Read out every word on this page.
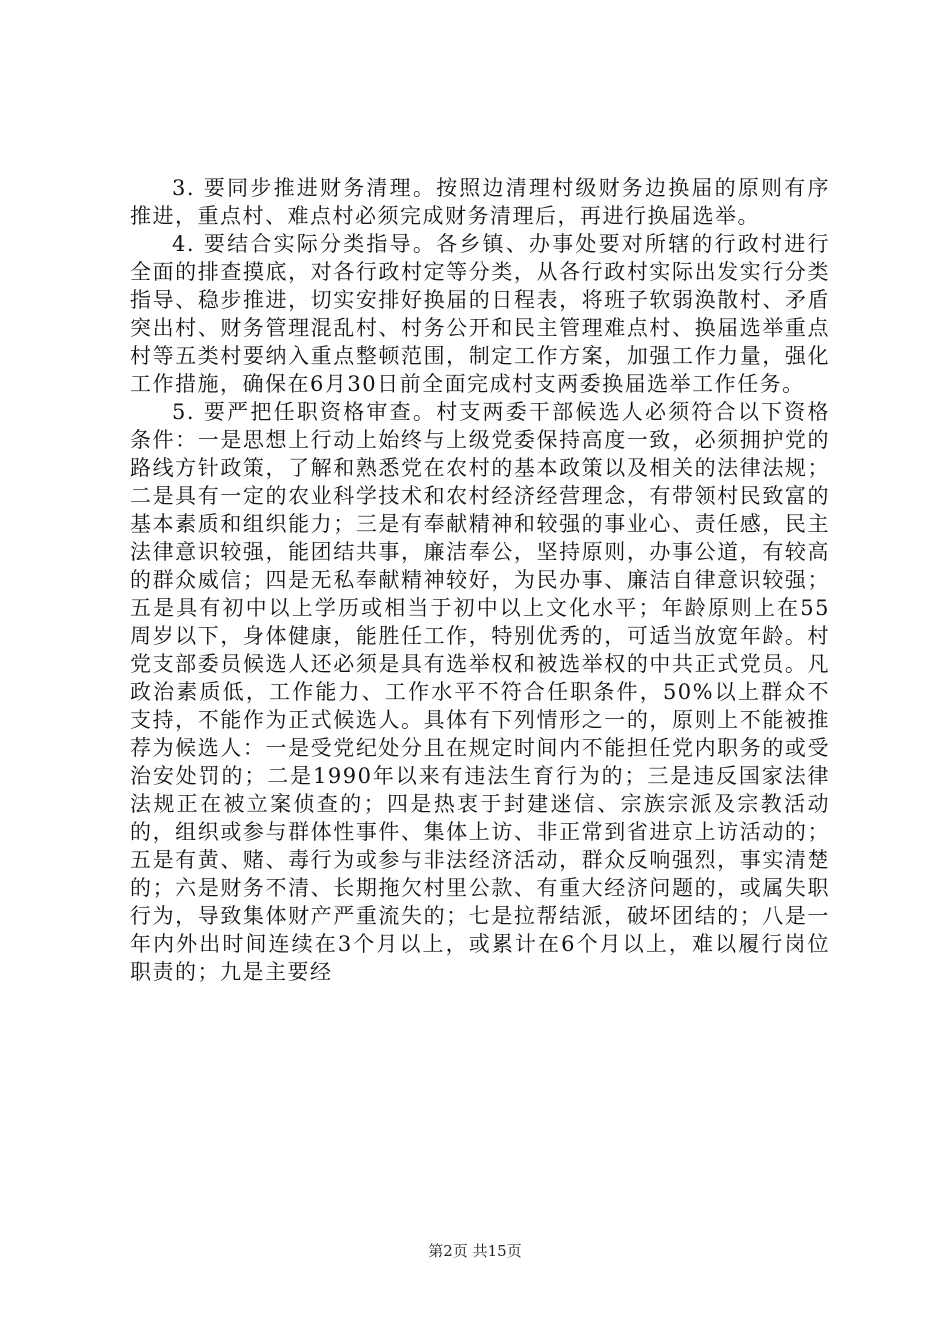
3. 要同步推进财务清理。按照边清理村级财务边换届的原则有序推进，重点村、难点村必须完成财务清理后，再进行换届选举。

4. 要结合实际分类指导。各乡镇、办事处要对所辖的行政村进行全面的排查摸底，对各行政村定等分类，从各行政村实际出发实行分类指导、稳步推进，切实安排好换届的日程表，将班子软弱涣散村、矛盾突出村、财务管理混乱村、村务公开和民主管理难点村、换届选举重点村等五类村要纳入重点整顿范围，制定工作方案，加强工作力量，强化工作措施，确保在6月30日前全面完成村支两委换届选举工作任务。

5. 要严把任职资格审查。村支两委干部候选人必须符合以下资格条件：一是思想上行动上始终与上级党委保持高度一致，必须拥护党的路线方针政策，了解和熟悉党在农村的基本政策以及相关的法律法规；二是具有一定的农业科学技术和农村经济经营理念，有带领村民致富的基本素质和组织能力；三是有奉献精神和较强的事业心、责任感，民主法律意识较强，能团结共事，廉洁奉公，坚持原则，办事公道，有较高的群众威信；四是无私奉献精神较好，为民办事、廉洁自律意识较强；五是具有初中以上学历或相当于初中以上文化水平；年龄原则上在55周岁以下，身体健康，能胜任工作，特别优秀的，可适当放宽年龄。村党支部委员候选人还必须是具有选举权和被选举权的中共正式党员。凡政治素质低，工作能力、工作水平不符合任职条件，50%以上群众不支持，不能作为正式候选人。具体有下列情形之一的，原则上不能被推荐为候选人：一是受党纪处分且在规定时间内不能担任党内职务的或受治安处罚的；二是1990年以来有违法生育行为的；三是违反国家法律法规正在被立案侦查的；四是热衷于封建迷信、宗族宗派及宗教活动的，组织或参与群体性事件、集体上访、非正常到省进京上访活动的；五是有黄、赌、毒行为或参与非法经济活动，群众反响强烈，事实清楚的；六是财务不清、长期拖欠村里公款、有重大经济问题的，或属失职行为，导致集体财产严重流失的；七是拉帮结派，破坏团结的；八是一年内外出时间连续在3个月以上，或累计在6个月以上，难以履行岗位职责的；九是主要经

第2页 共15页
